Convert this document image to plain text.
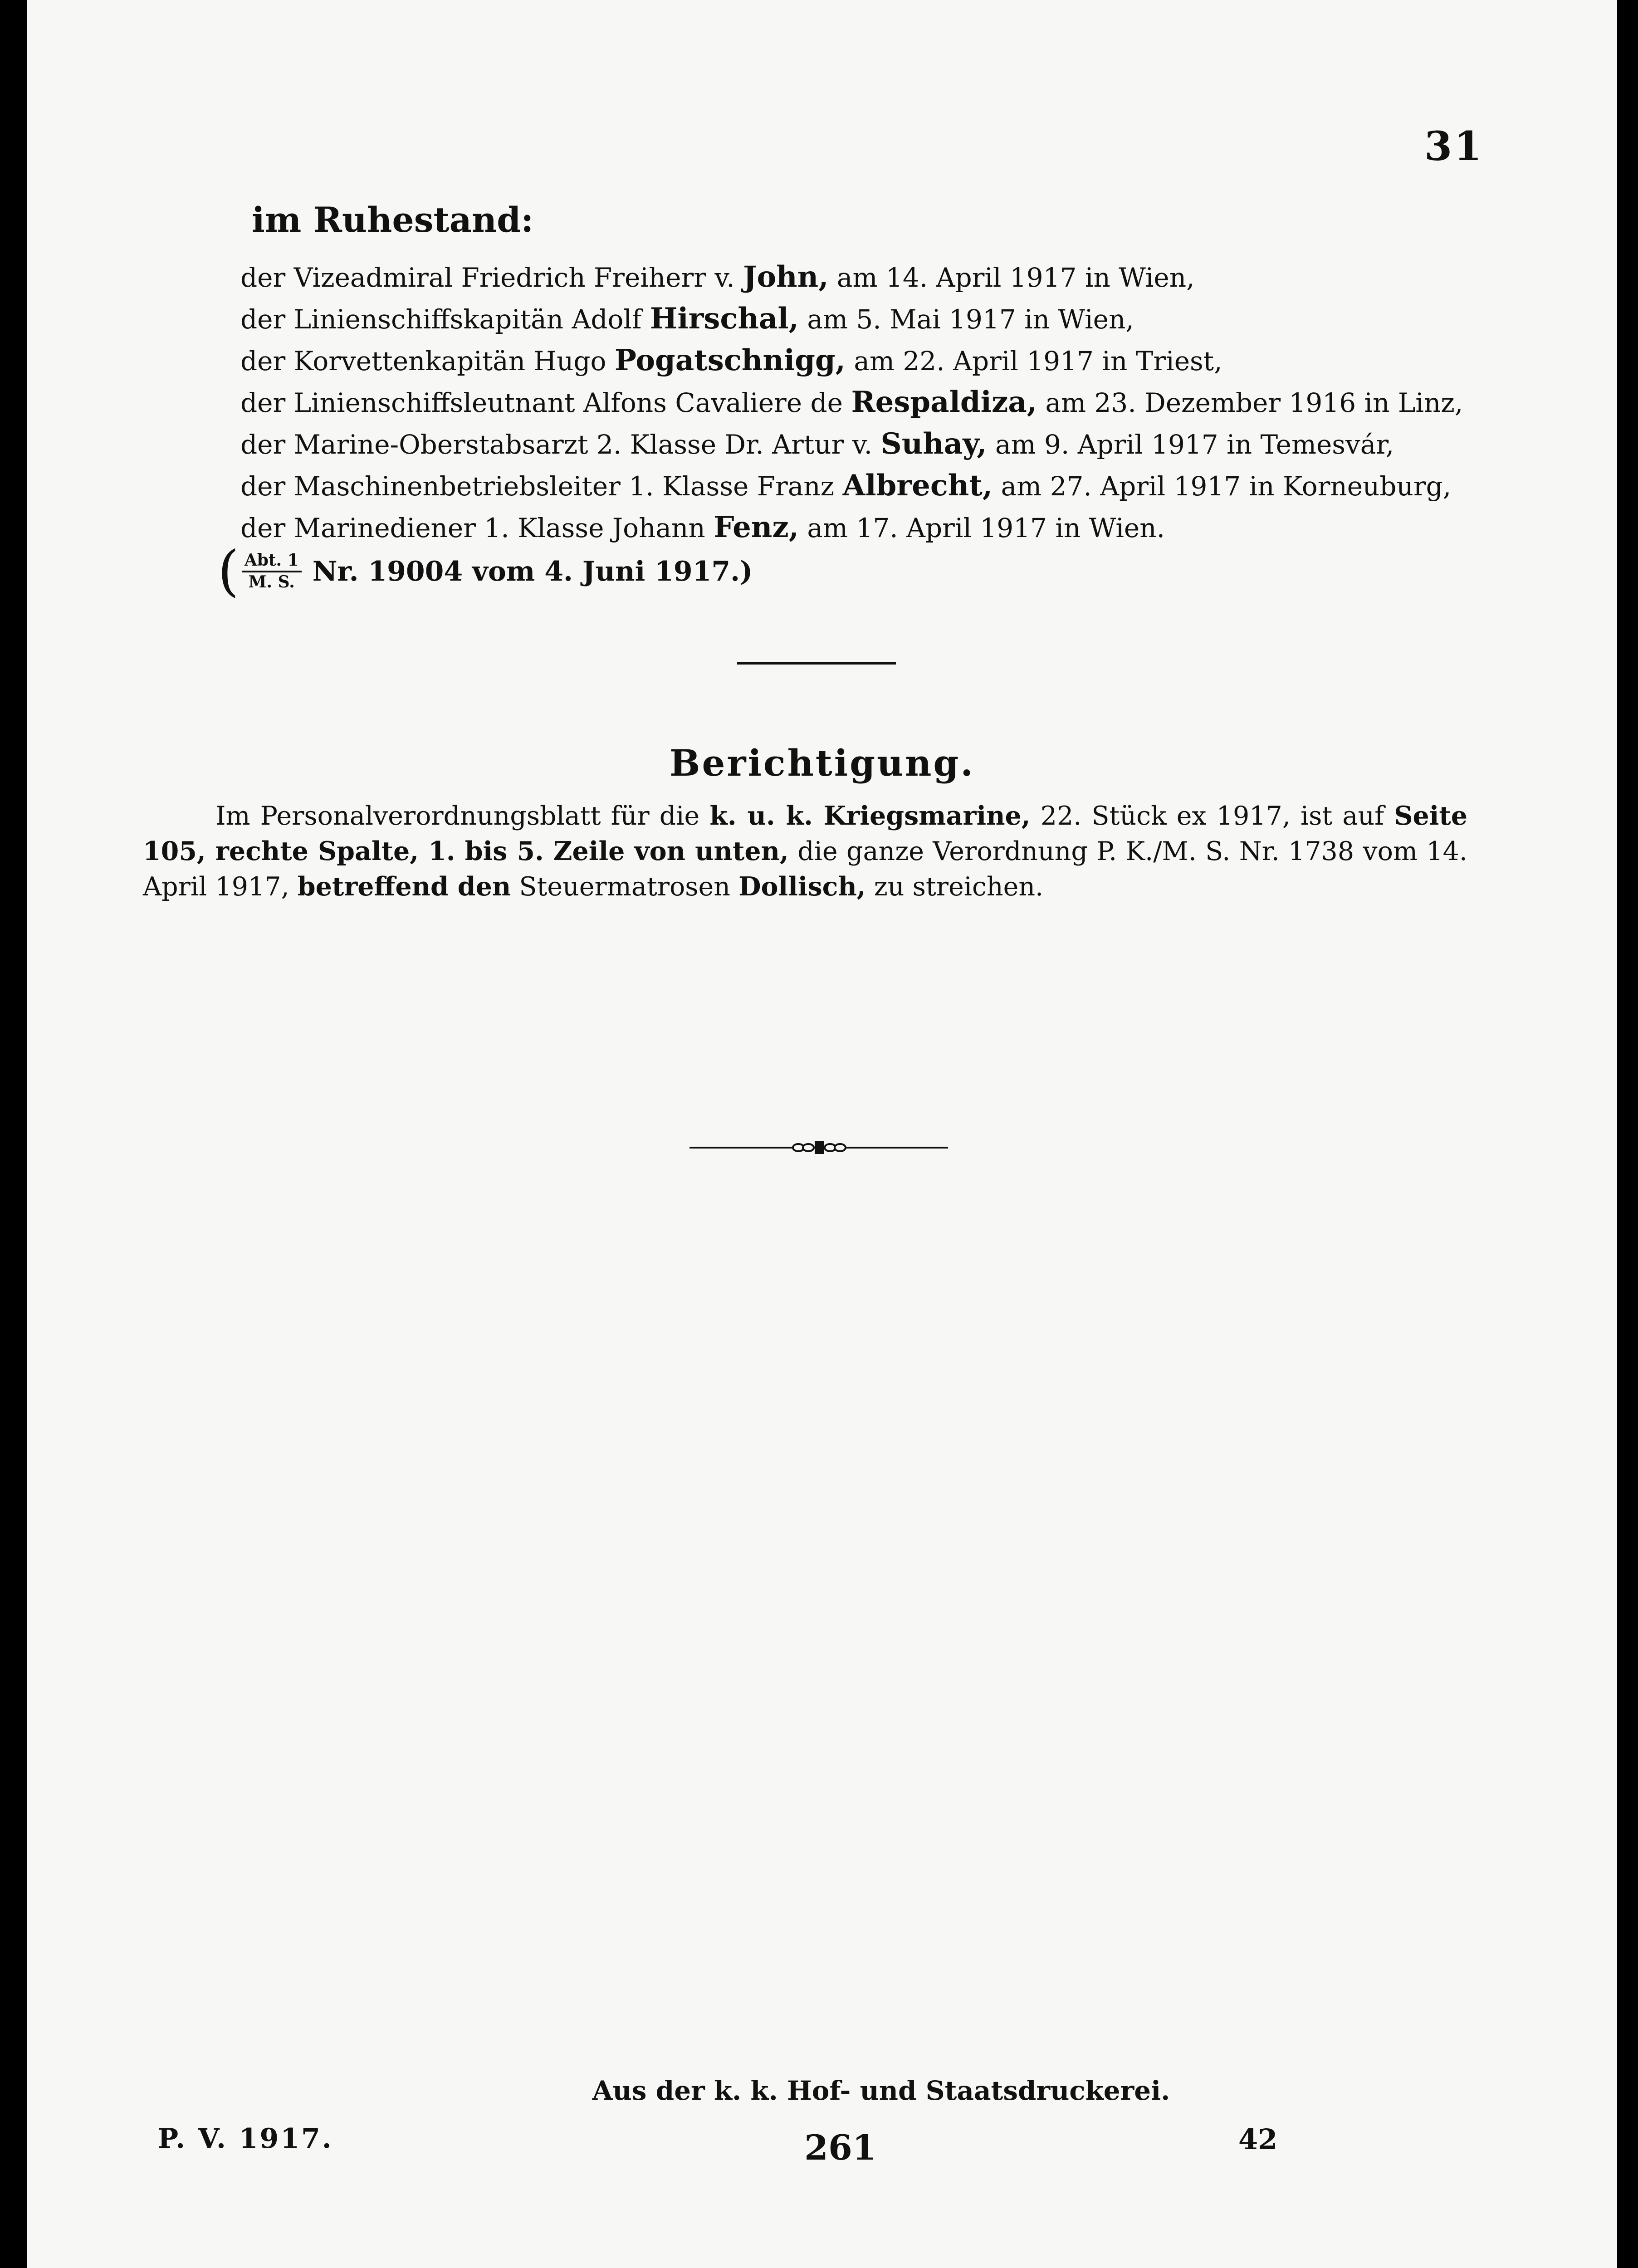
31
im Ruhestand:
der Vizeadmiral Friedrich Freiherr v. John, am 14. April 1917 in Wien,
der Linienschiffskapitän Adolf Hirschal, am 5. Mai 1917 in Wien,
der Korvettenkapitän Hugo Pogatschnigg, am 22. April 1917 in Triest,
der Linienschiffsleutnant Alfons Cavaliere de Respaldiza, am 23. Dezember 1916 in Linz,
der Marine-Oberstabsarzt 2. Klasse Dr. Artur v. Suhay, am 9. April 1917 in Temesvár,
der Maschinenbetriebsleiter 1. Klasse Franz Albrecht, am 27. April 1917 in Korneuburg,
der Marinediener 1. Klasse Johann Fenz, am 17. April 1917 in Wien.
( $\frac{\text{Abt. 1}}{M. S.} Nr$. 19004 vom 4. Juni 1917.)
Berichtigung.
Im Personalverordnungsblatt für die k. u. k. Kriegsmarine, 22. Stück ex 1917, ist auf Seite 105, rechte Spalte, 1. bis 5. Zeile von unten, die ganze Verordnung P. K./M. S. Nr. 1738 vom 14. April 1917, betreffend den Steuermatrosen Dollisch, zu streichen.
Aus der k. k. Hof- und Staatsdruckerei.
P. V. 1917.	261	42
